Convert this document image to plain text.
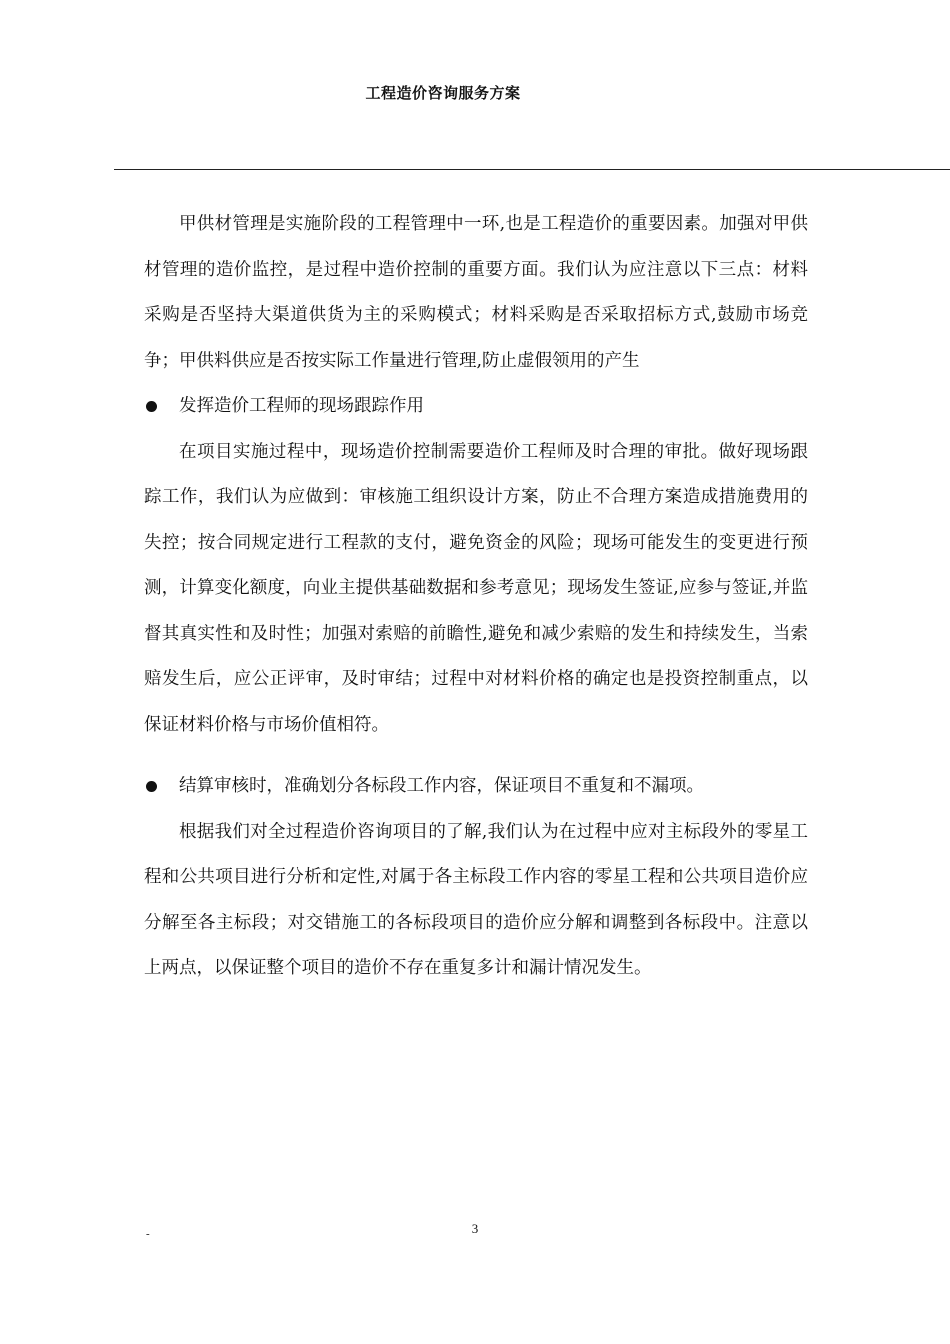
工程造价咨询服务方案

甲供材管理是实施阶段的工程管理中一环,也是工程造价的重要因素。加强对甲供材管理的造价监控，是过程中造价控制的重要方面。我们认为应注意以下三点：材料采购是否坚持大渠道供货为主的采购模式；材料采购是否采取招标方式,鼓励市场竞争；甲供料供应是否按实际工作量进行管理,防止虚假领用的产生

发挥造价工程师的现场跟踪作用

在项目实施过程中，现场造价控制需要造价工程师及时合理的审批。做好现场跟踪工作，我们认为应做到：审核施工组织设计方案，防止不合理方案造成措施费用的失控；按合同规定进行工程款的支付，避免资金的风险；现场可能发生的变更进行预测，计算变化额度，向业主提供基础数据和参考意见；现场发生签证,应参与签证,并监督其真实性和及时性；加强对索赔的前瞻性,避免和减少索赔的发生和持续发生，当索赔发生后，应公正评审，及时审结；过程中对材料价格的确定也是投资控制重点，以保证材料价格与市场价值相符。

结算审核时，准确划分各标段工作内容，保证项目不重复和不漏项。

根据我们对全过程造价咨询项目的了解,我们认为在过程中应对主标段外的零星工程和公共项目进行分析和定性,对属于各主标段工作内容的零星工程和公共项目造价应分解至各主标段；对交错施工的各标段项目的造价应分解和调整到各标段中。注意以上两点，以保证整个项目的造价不存在重复多计和漏计情况发生。

3
-
